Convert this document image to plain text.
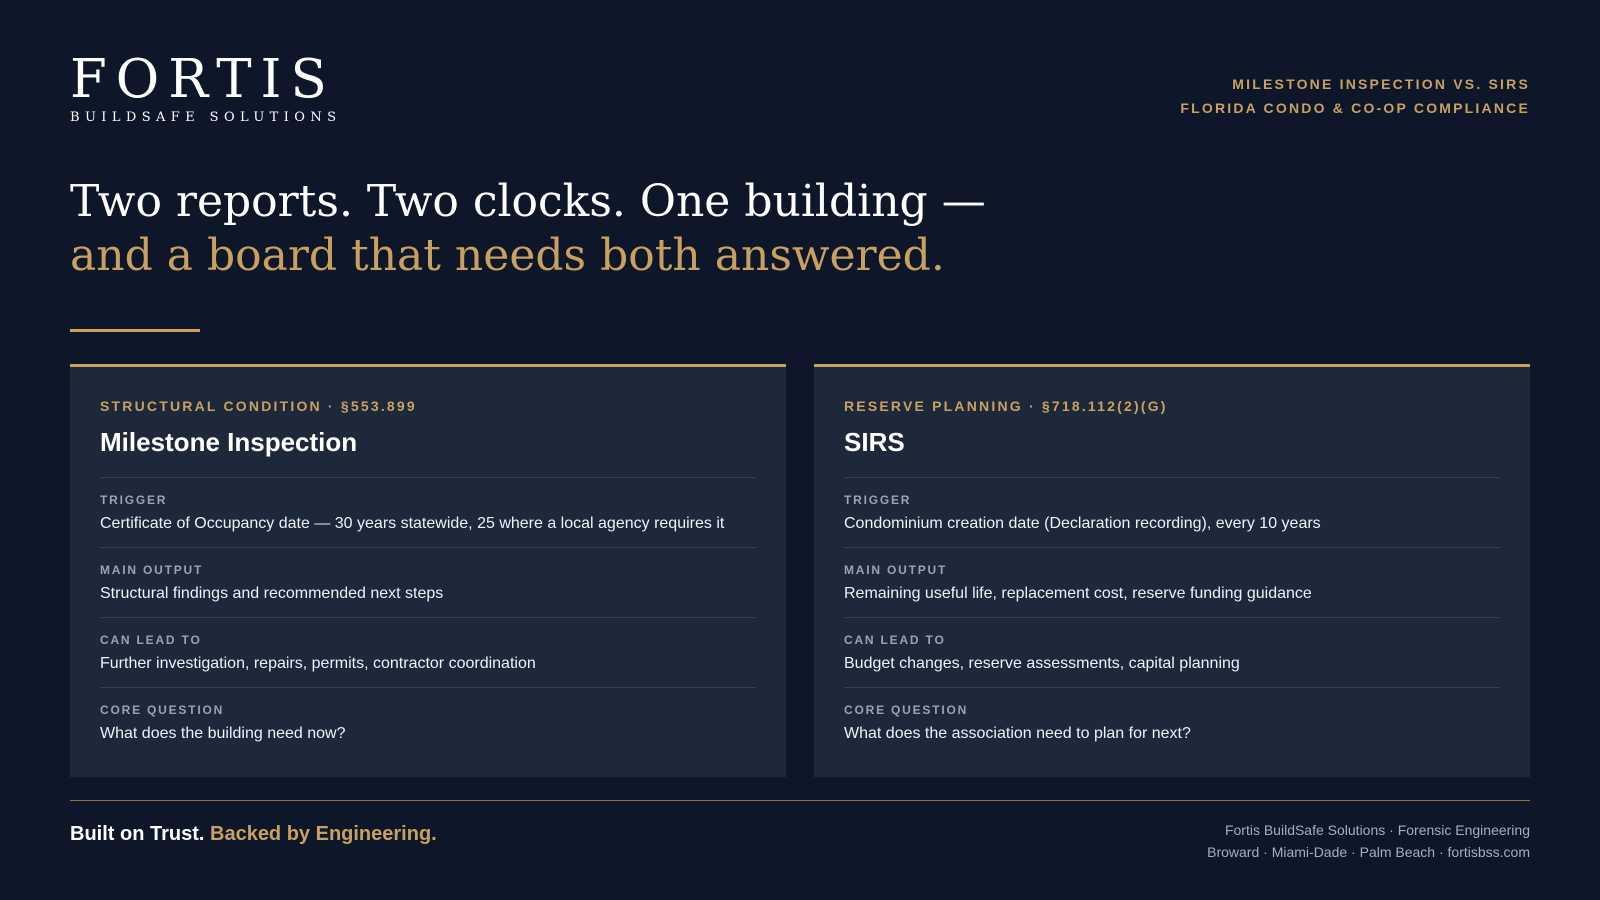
FORTIS
BUILDSAFE SOLUTIONS
MILESTONE INSPECTION VS. SIRS
FLORIDA CONDO & CO-OP COMPLIANCE
Two reports. Two clocks. One building —
and a board that needs both answered.
STRUCTURAL CONDITION · §553.899
Milestone Inspection
TRIGGER
Certificate of Occupancy date — 30 years statewide, 25 where a local agency requires it
MAIN OUTPUT
Structural findings and recommended next steps
CAN LEAD TO
Further investigation, repairs, permits, contractor coordination
CORE QUESTION
What does the building need now?
RESERVE PLANNING · §718.112(2)(G)
SIRS
TRIGGER
Condominium creation date (Declaration recording), every 10 years
MAIN OUTPUT
Remaining useful life, replacement cost, reserve funding guidance
CAN LEAD TO
Budget changes, reserve assessments, capital planning
CORE QUESTION
What does the association need to plan for next?
Built on Trust. Backed by Engineering.	Fortis BuildSafe Solutions · Forensic Engineering
Broward · Miami-Dade · Palm Beach · fortisbss.com
